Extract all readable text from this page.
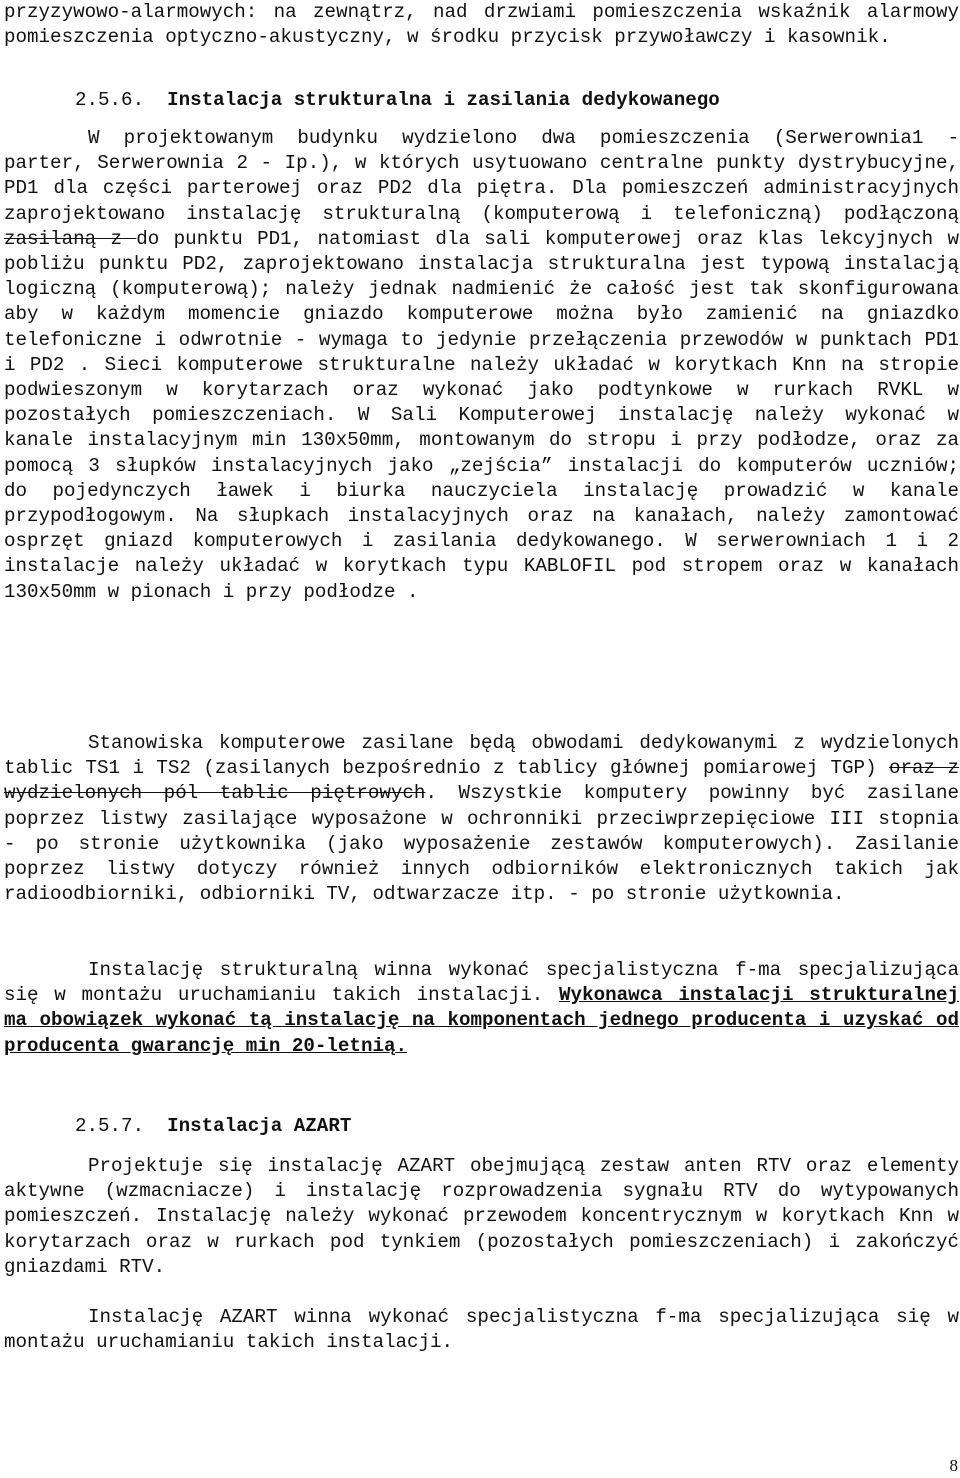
przyzywowo-alarmowych: na zewnątrz, nad drzwiami pomieszczenia wskaźnik alarmowy pomieszczenia optyczno-akustyczny, w środku przycisk przywoławczy i kasownik.

2.5.6. Instalacja strukturalna i zasilania dedykowanego

W projektowanym budynku wydzielono dwa pomieszczenia (Serwerownia1 - parter, Serwerownia 2 - Ip.), w których usytuowano centralne punkty dystrybucyjne, PD1 dla części parterowej oraz PD2 dla piętra. Dla pomieszczeń administracyjnych zaprojektowano instalację strukturalną (komputerową i telefoniczną) podłączoną zasilaną z do punktu PD1, natomiast dla sali komputerowej oraz klas lekcyjnych w pobliżu punktu PD2, zaprojektowano instalacja strukturalna jest typową instalacją logiczną (komputerową); należy jednak nadmienić że całość jest tak skonfigurowana aby w każdym momencie gniazdo komputerowe można było zamienić na gniazdko telefoniczne i odwrotnie - wymaga to jedynie przełączenia przewodów w punktach PD1 i PD2 . Sieci komputerowe strukturalne należy układać w korytkach Knn na stropie podwieszonym w korytarzach oraz wykonać jako podtynkowe w rurkach RVKL w pozostałych pomieszczeniach. W Sali Komputerowej instalację należy wykonać w kanale instalacyjnym min 130x50mm, montowanym do stropu i przy podłodze, oraz za pomocą 3 słupków instalacyjnych jako „zejścia” instalacji do komputerów uczniów; do pojedynczych ławek i biurka nauczyciela instalację prowadzić w kanale przypodłogowym. Na słupkach instalacyjnych oraz na kanałach, należy zamontować osprzęt gniazd komputerowych i zasilania dedykowanego. W serwerowniach 1 i 2 instalacje należy układać w korytkach typu KABLOFIL pod stropem oraz w kanałach 130x50mm w pionach i przy podłodze .

Stanowiska komputerowe zasilane będą obwodami dedykowanymi z wydzielonych tablic TS1 i TS2 (zasilanych bezpośrednio z tablicy głównej pomiarowej TGP) oraz z wydzielonych pól tablic piętrowych. Wszystkie komputery powinny być zasilane poprzez listwy zasilające wyposażone w ochronniki przeciwprzepięciowe III stopnia - po stronie użytkownika (jako wyposażenie zestawów komputerowych). Zasilanie poprzez listwy dotyczy również innych odbiorników elektronicznych takich jak radioodbiorniki, odbiorniki TV, odtwarzacze itp. - po stronie użytkownia.

Instalację strukturalną winna wykonać specjalistyczna f-ma specjalizująca się w montażu uruchamianiu takich instalacji. Wykonawca instalacji strukturalnej ma obowiązek wykonać tą instalację na komponentach jednego producenta i uzyskać od producenta gwarancję min 20-letnią.

2.5.7. Instalacja AZART

Projektuje się instalację AZART obejmującą zestaw anten RTV oraz elementy aktywne (wzmacniacze) i instalację rozprowadzenia sygnału RTV do wytypowanych pomieszczeń. Instalację należy wykonać przewodem koncentrycznym w korytkach Knn w korytarzach oraz w rurkach pod tynkiem (pozostałych pomieszczeniach) i zakończyć gniazdami RTV.

Instalację AZART winna wykonać specjalistyczna f-ma specjalizująca się w montażu uruchamianiu takich instalacji.

8
